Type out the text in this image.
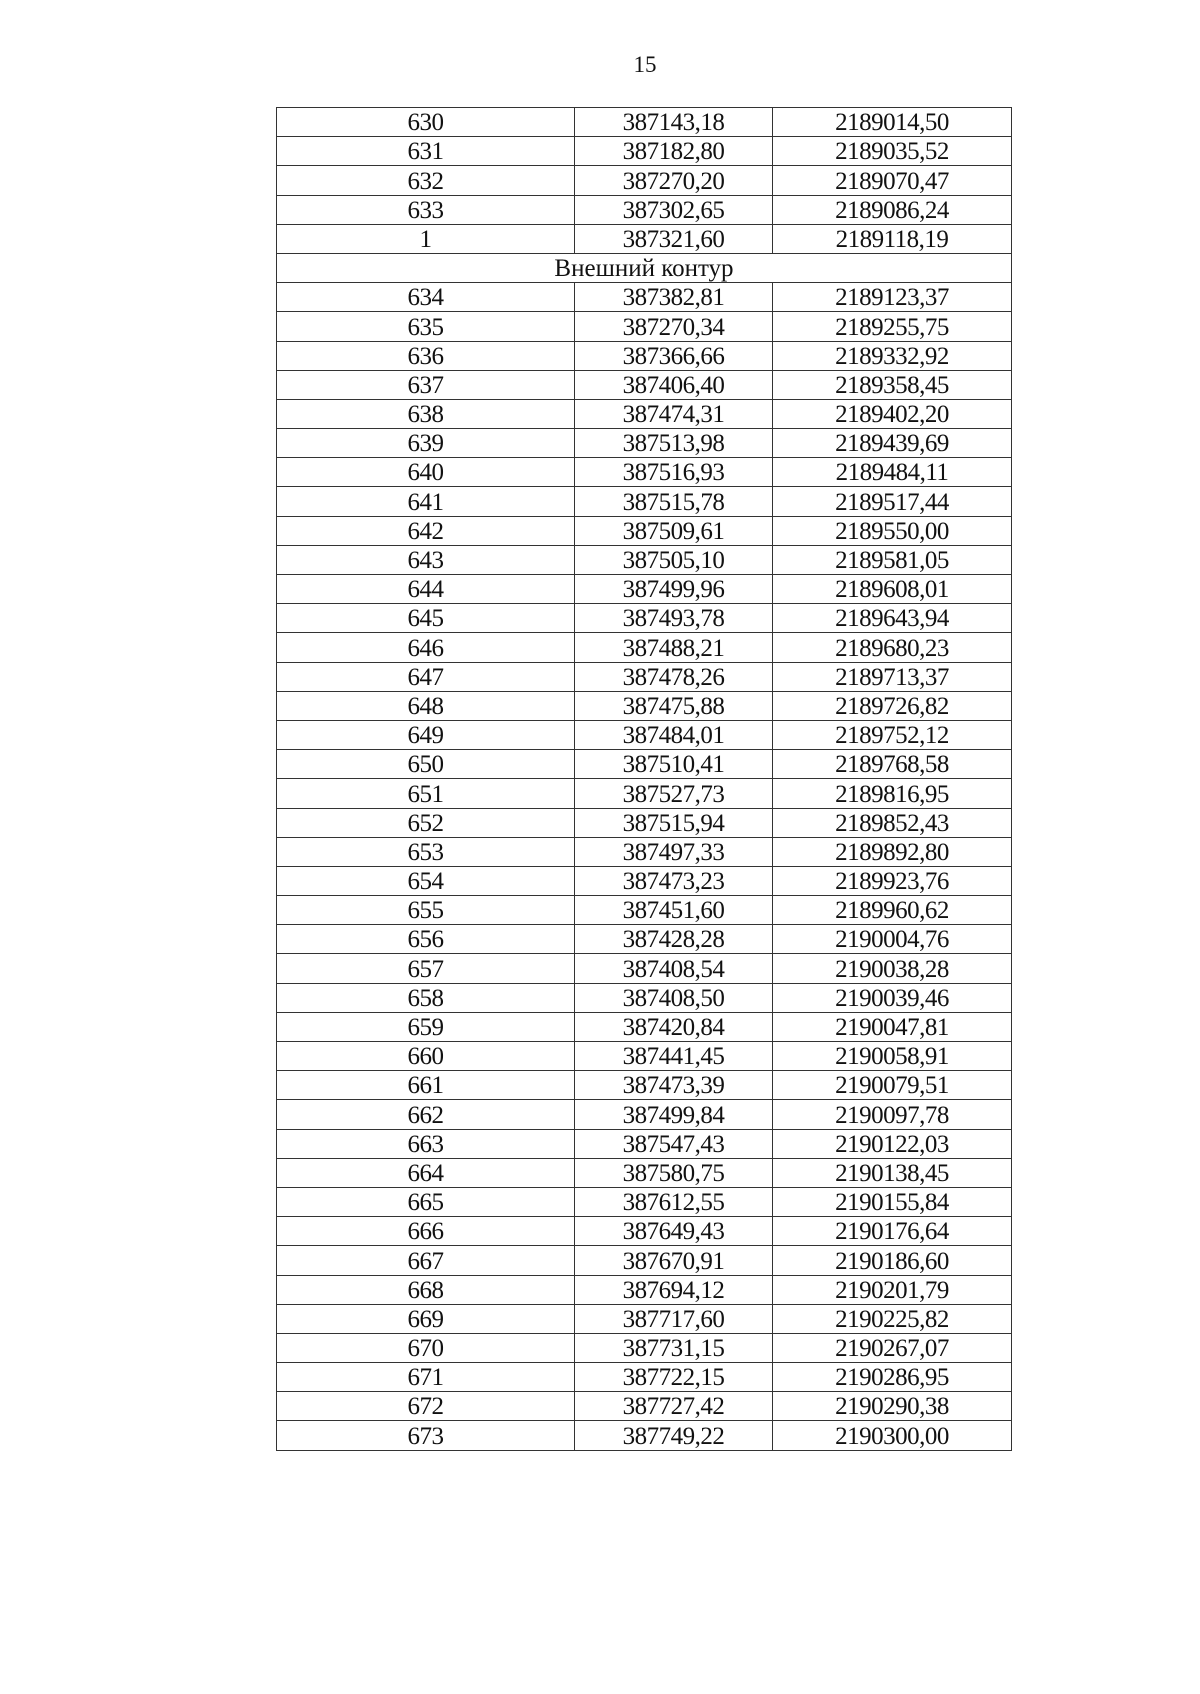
15
630	387143,18	2189014,50
631	387182,80	2189035,52
632	387270,20	2189070,47
633	387302,65	2189086,24
1	387321,60	2189118,19
Внешний контур		
634	387382,81	2189123,37
635	387270,34	2189255,75
636	387366,66	2189332,92
637	387406,40	2189358,45
638	387474,31	2189402,20
639	387513,98	2189439,69
640	387516,93	2189484,11
641	387515,78	2189517,44
642	387509,61	2189550,00
643	387505,10	2189581,05
644	387499,96	2189608,01
645	387493,78	2189643,94
646	387488,21	2189680,23
647	387478,26	2189713,37
648	387475,88	2189726,82
649	387484,01	2189752,12
650	387510,41	2189768,58
651	387527,73	2189816,95
652	387515,94	2189852,43
653	387497,33	2189892,80
654	387473,23	2189923,76
655	387451,60	2189960,62
656	387428,28	2190004,76
657	387408,54	2190038,28
658	387408,50	2190039,46
659	387420,84	2190047,81
660	387441,45	2190058,91
661	387473,39	2190079,51
662	387499,84	2190097,78
663	387547,43	2190122,03
664	387580,75	2190138,45
665	387612,55	2190155,84
666	387649,43	2190176,64
667	387670,91	2190186,60
668	387694,12	2190201,79
669	387717,60	2190225,82
670	387731,15	2190267,07
671	387722,15	2190286,95
672	387727,42	2190290,38
673	387749,22	2190300,00
